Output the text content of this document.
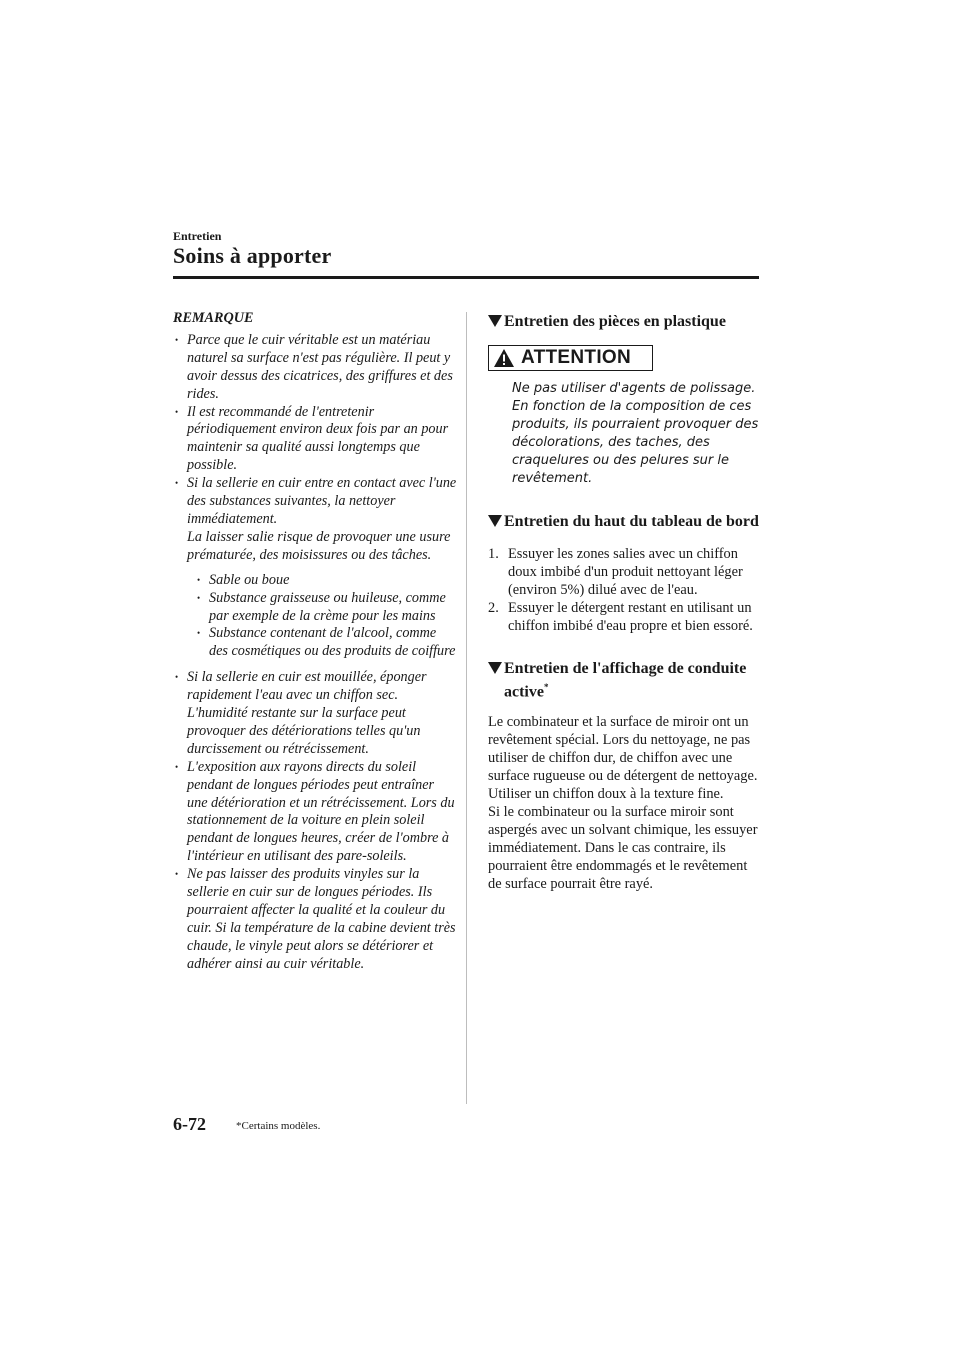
Entretien
Soins à apporter
REMARQUE
• Parce que le cuir véritable est un matériau naturel sa surface n'est pas régulière. Il peut y avoir dessus des cicatrices, des griffures et des rides.
• Il est recommandé de l'entretenir périodiquement environ deux fois par an pour maintenir sa qualité aussi longtemps que possible.
• Si la sellerie en cuir entre en contact avec l'une des substances suivantes, la nettoyer immédiatement.
La laisser salie risque de provoquer une usure prématurée, des moisissures ou des tâches.
• Sable ou boue
• Substance graisseuse ou huileuse, comme par exemple de la crème pour les mains
• Substance contenant de l'alcool, comme des cosmétiques ou des produits de coiffure
• Si la sellerie en cuir est mouillée, éponger rapidement l'eau avec un chiffon sec. L'humidité restante sur la surface peut provoquer des détériorations telles qu'un durcissement ou rétrécissement.
• L'exposition aux rayons directs du soleil pendant de longues périodes peut entraîner une détérioration et un rétrécissement. Lors du stationnement de la voiture en plein soleil pendant de longues heures, créer de l'ombre à l'intérieur en utilisant des pare-soleils.
• Ne pas laisser des produits vinyles sur la sellerie en cuir sur de longues périodes. Ils pourraient affecter la qualité et la couleur du cuir. Si la température de la cabine devient très chaude, le vinyle peut alors se détériorer et adhérer ainsi au cuir véritable.
Entretien des pièces en plastique
ATTENTION
Ne pas utiliser d'agents de polissage. En fonction de la composition de ces produits, ils pourraient provoquer des décolorations, des taches, des craquelures ou des pelures sur le revêtement.
Entretien du haut du tableau de bord
1. Essuyer les zones salies avec un chiffon doux imbibé d'un produit nettoyant léger (environ 5%) dilué avec de l'eau.
2. Essuyer le détergent restant en utilisant un chiffon imbibé d'eau propre et bien essoré.
Entretien de l'affichage de conduite active*
Le combinateur et la surface de miroir ont un revêtement spécial. Lors du nettoyage, ne pas utiliser de chiffon dur, de chiffon avec une surface rugueuse ou de détergent de nettoyage. Utiliser un chiffon doux à la texture fine.
Si le combinateur ou la surface miroir sont aspergés avec un solvant chimique, les essuyer immédiatement. Dans le cas contraire, ils pourraient être endommagés et le revêtement de surface pourrait être rayé.
6-72	*Certains modèles.
